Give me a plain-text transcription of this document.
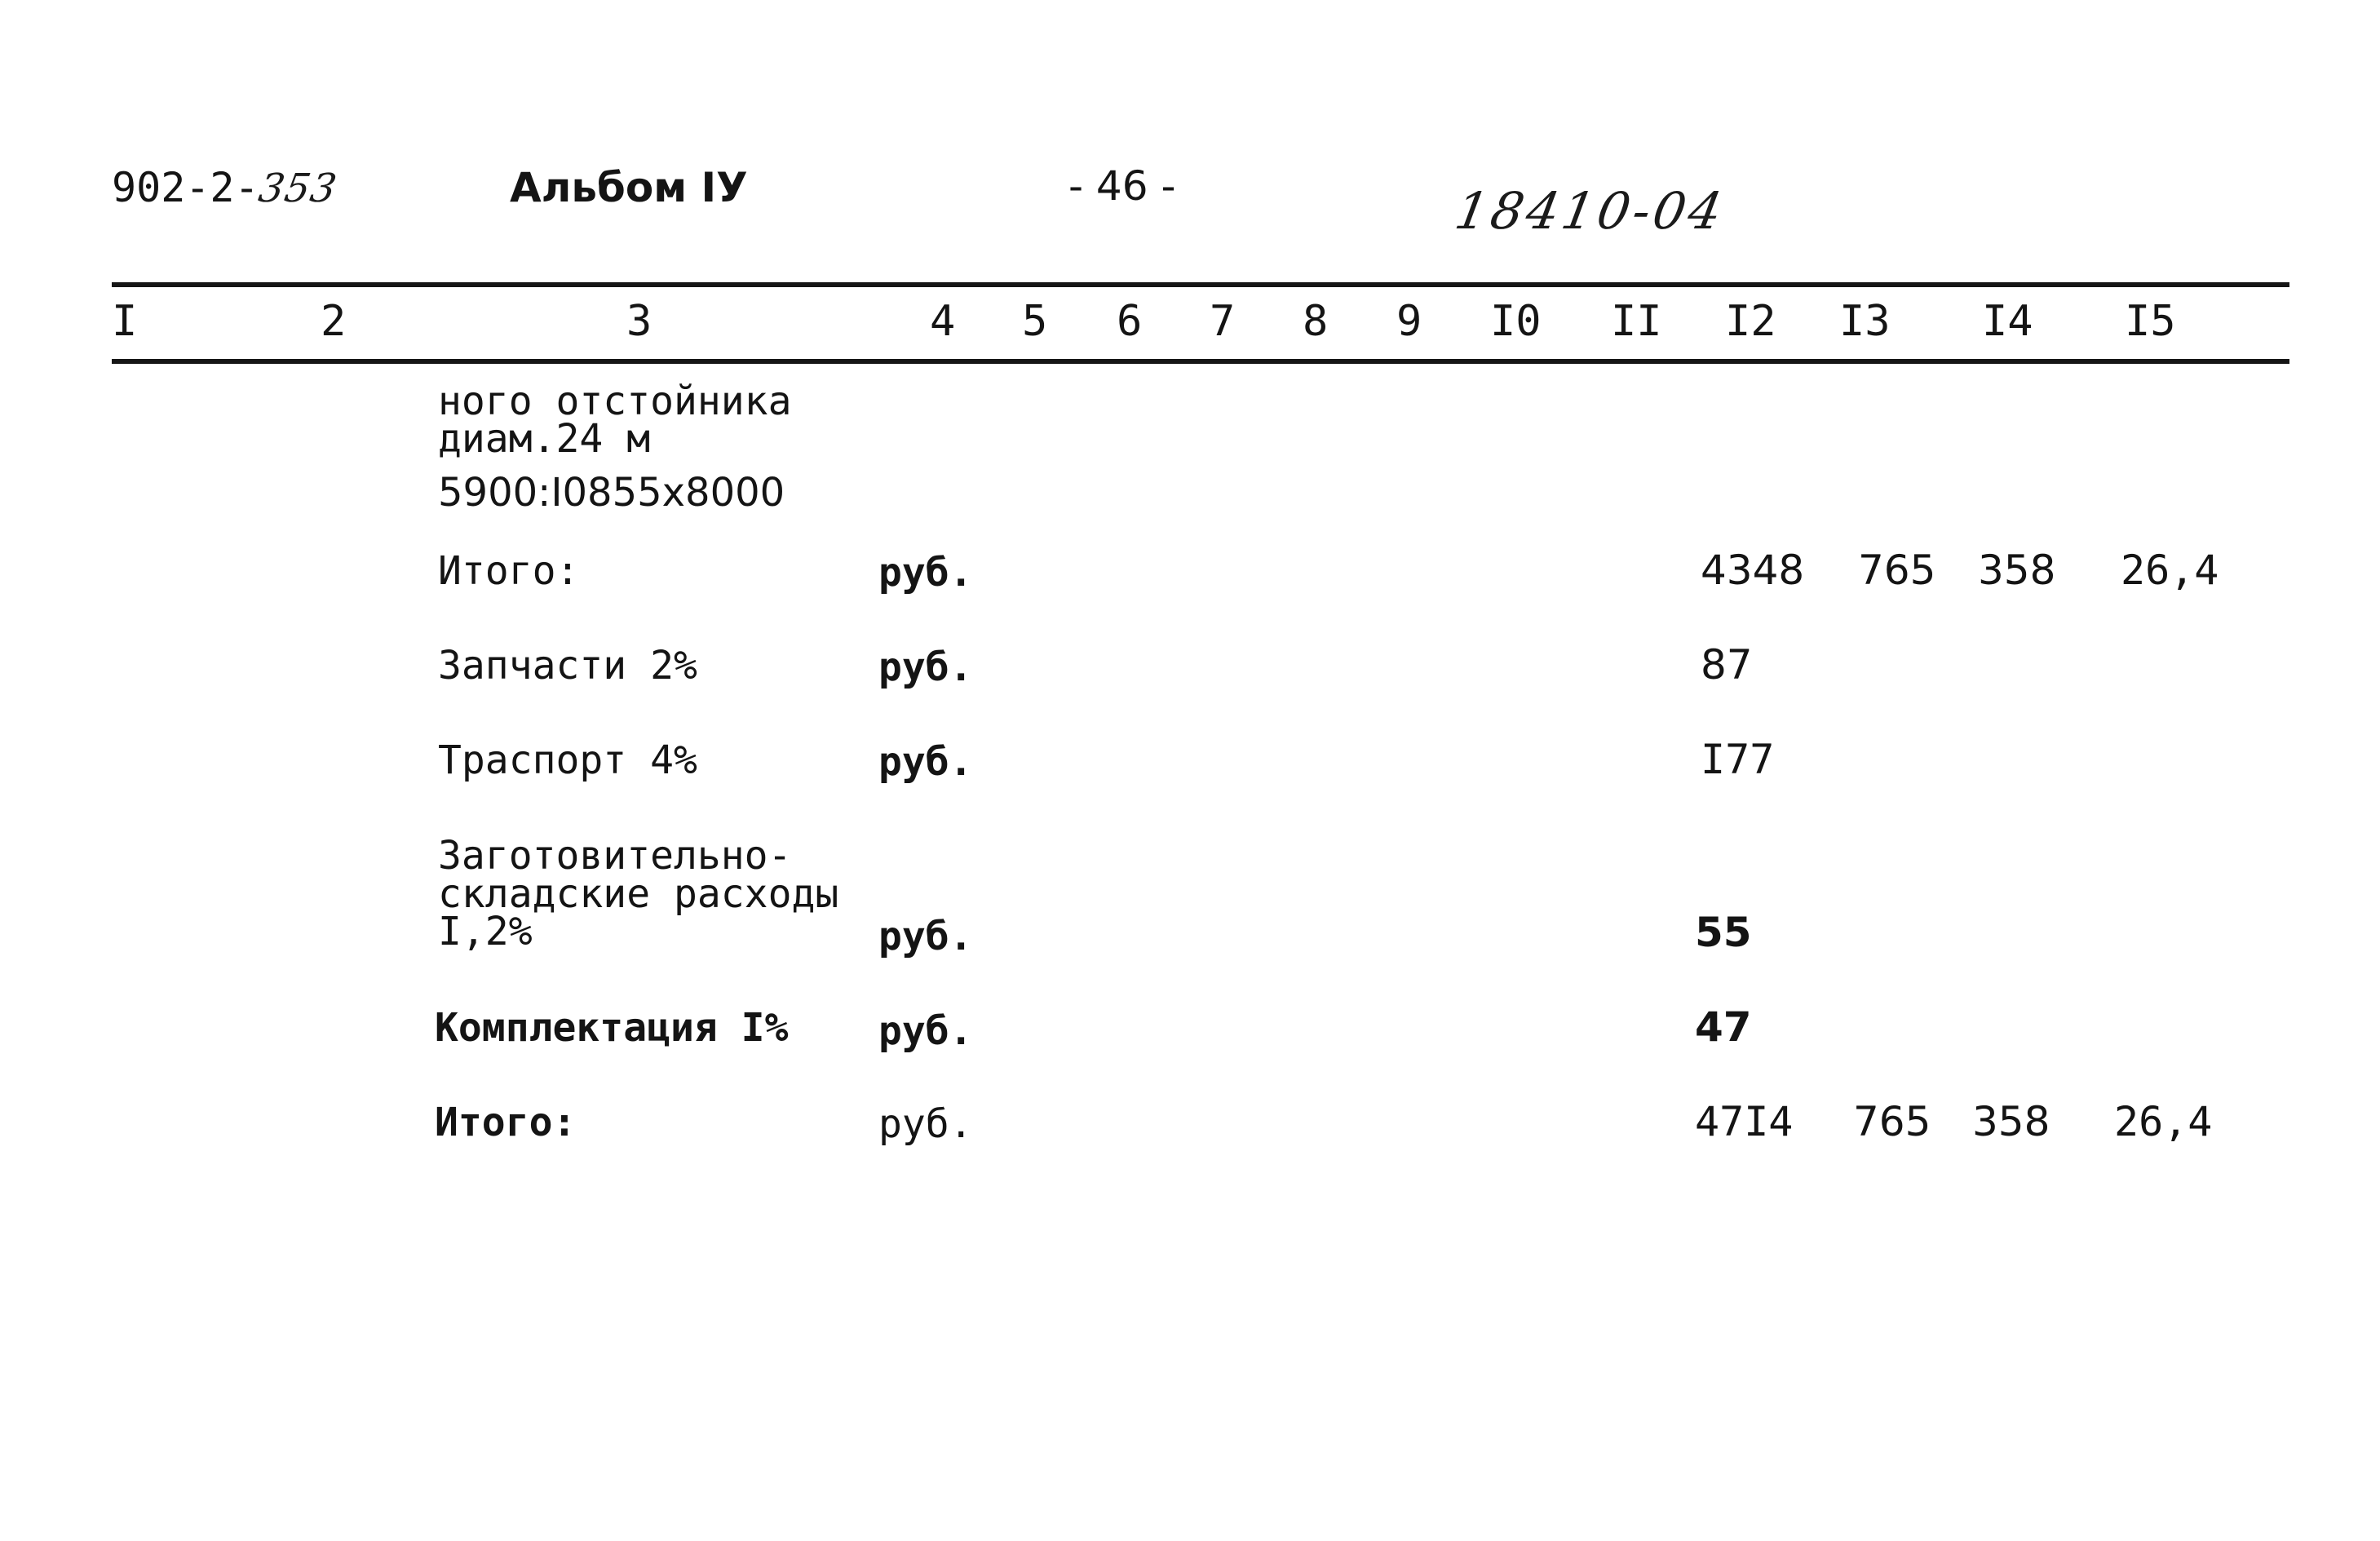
902-2-353	Альбом IУ	- 46 -	18410-04
I	2	3	4 5 6 7 8 9 I0 II I2 I3 I4 I5
ного отстойника
диам.24 м
5900:I0855x8000
Итого:	руб.	4348 765 358 26,4
Запчасти 2%	руб.	87
Траспорт 4%	руб.	I77
Заготовительно-
складские расходы
I,2%	руб.	55
Комплектация I% руб.	47
Итого:	руб.	47I4 765 358 26,4
